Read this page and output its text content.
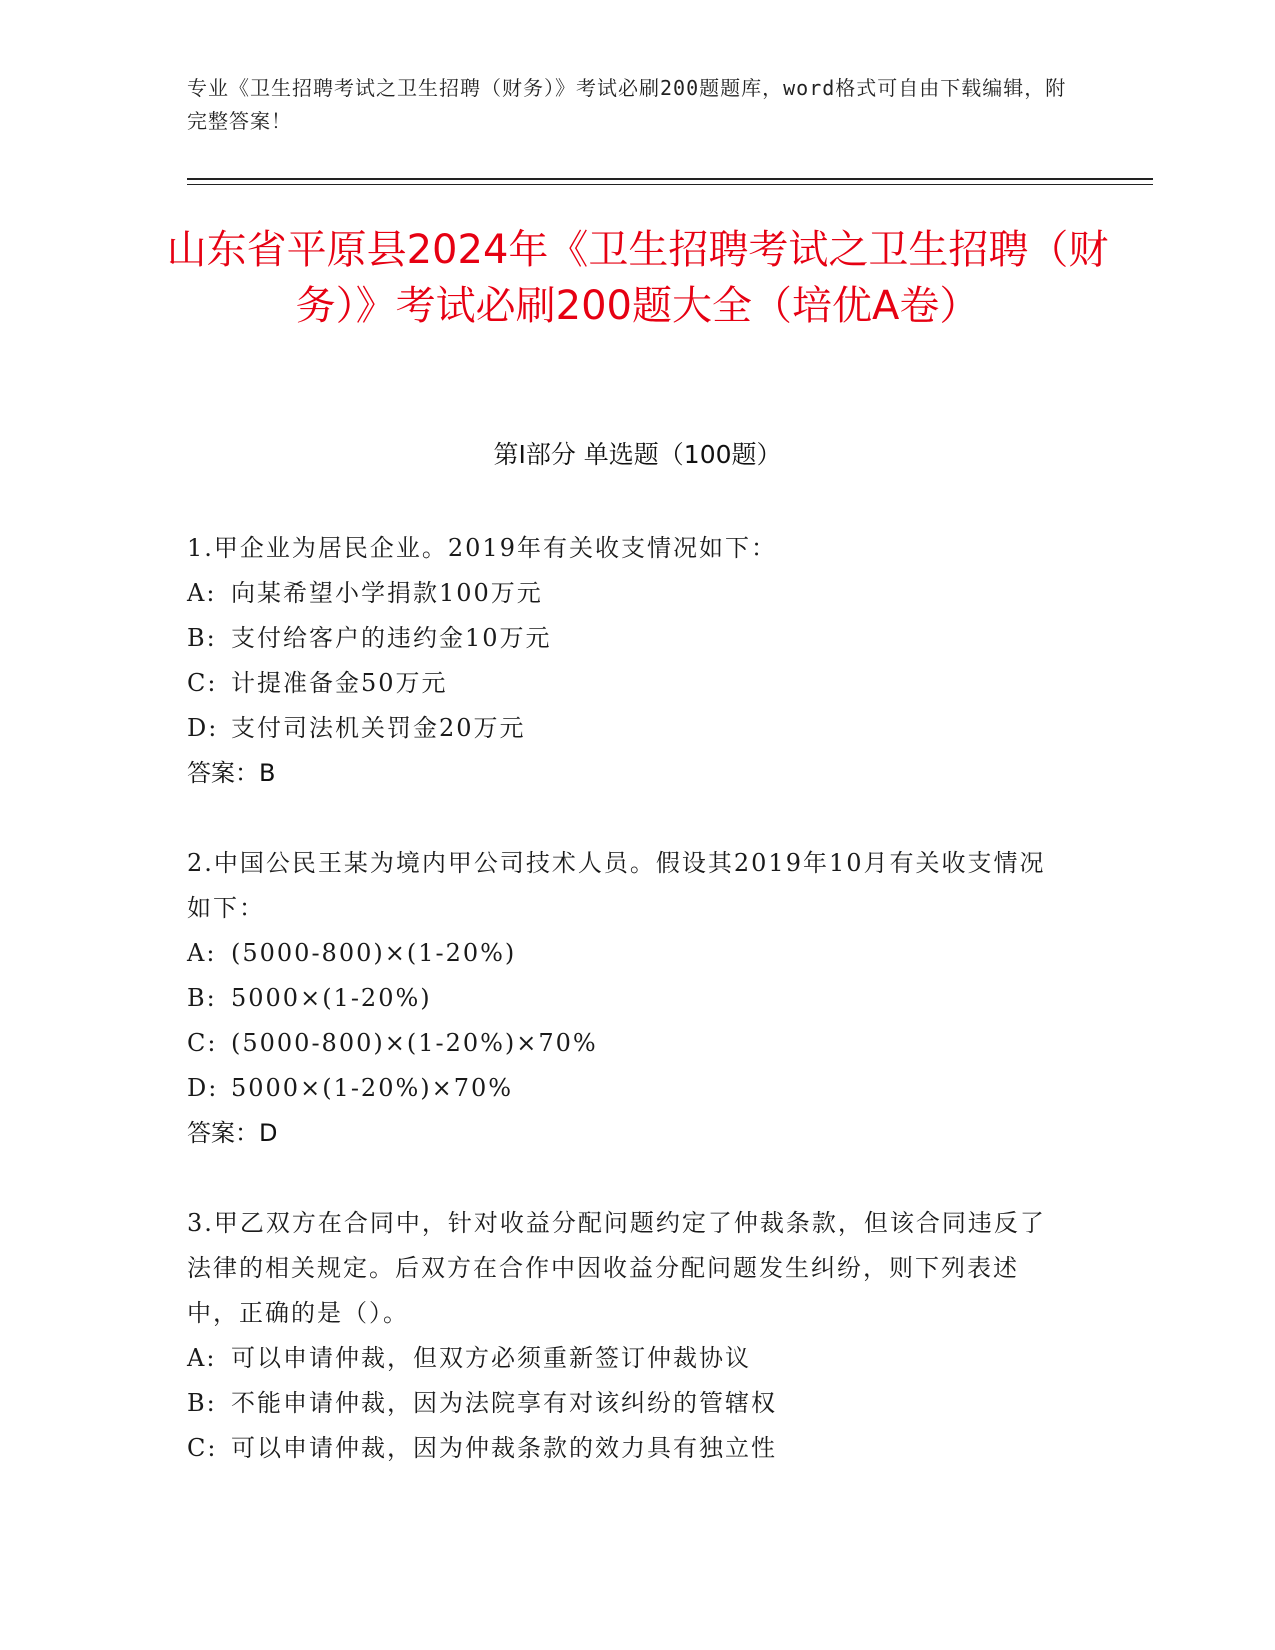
专业《卫生招聘考试之卫生招聘（财务）》考试必刷200题题库，word格式可自由下载编辑，附完整答案！
山东省平原县2024年《卫生招聘考试之卫生招聘（财务）》考试必刷200题大全（培优A卷）
第Ⅰ部分 单选题（100题）
1.甲企业为居民企业。2019年有关收支情况如下：
A: 向某希望小学捐款100万元
B: 支付给客户的违约金10万元
C: 计提准备金50万元
D: 支付司法机关罚金20万元
答案：B
2.中国公民王某为境内甲公司技术人员。假设其2019年10月有关收支情况如下：
A: (5000-800)×(1-20%)
B: 5000×(1-20%)
C: (5000-800)×(1-20%)×70%
D: 5000×(1-20%)×70%
答案：D
3.甲乙双方在合同中，针对收益分配问题约定了仲裁条款，但该合同违反了法律的相关规定。后双方在合作中因收益分配问题发生纠纷，则下列表述中，正确的是（）。
A: 可以申请仲裁，但双方必须重新签订仲裁协议
B: 不能申请仲裁，因为法院享有对该纠纷的管辖权
C: 可以申请仲裁，因为仲裁条款的效力具有独立性
